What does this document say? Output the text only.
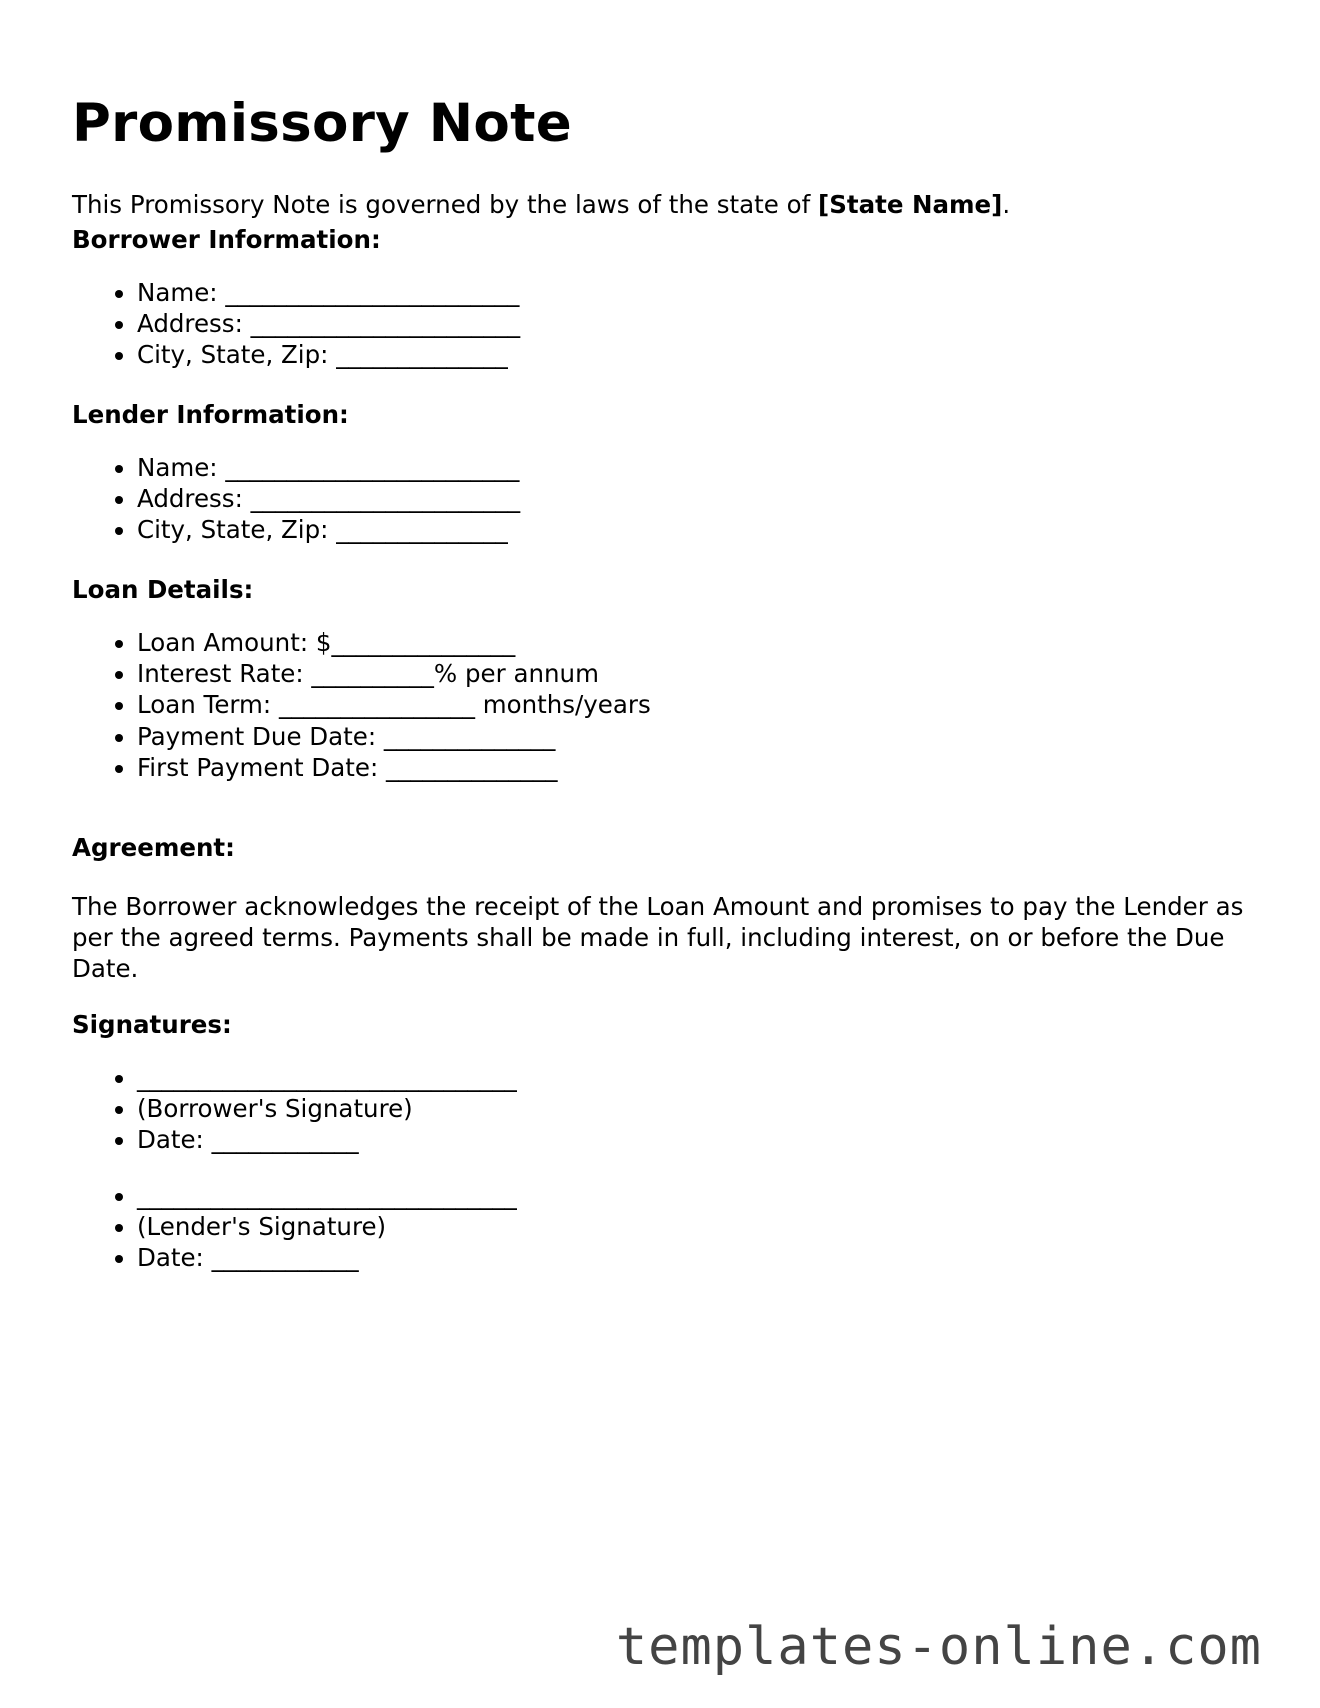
Promissory Note
This Promissory Note is governed by the laws of the state of [State Name].
Borrower Information:
• Name: ________________________
• Address: ______________________
• City, State, Zip: ______________
Lender Information:
• Name: ________________________
• Address: ______________________
• City, State, Zip: ______________
Loan Details:
• Loan Amount: $_______________
• Interest Rate: __________% per annum
• Loan Term: ________________ months/years
• Payment Due Date: ______________
• First Payment Date: ______________
Agreement:
The Borrower acknowledges the receipt of the Loan Amount and promises to pay the Lender as per the agreed terms. Payments shall be made in full, including interest, on or before the Due Date.
Signatures:
• _______________________________
• (Borrower's Signature)
• Date: ____________
• _______________________________
• (Lender's Signature)
• Date: ____________
templates-online.com
